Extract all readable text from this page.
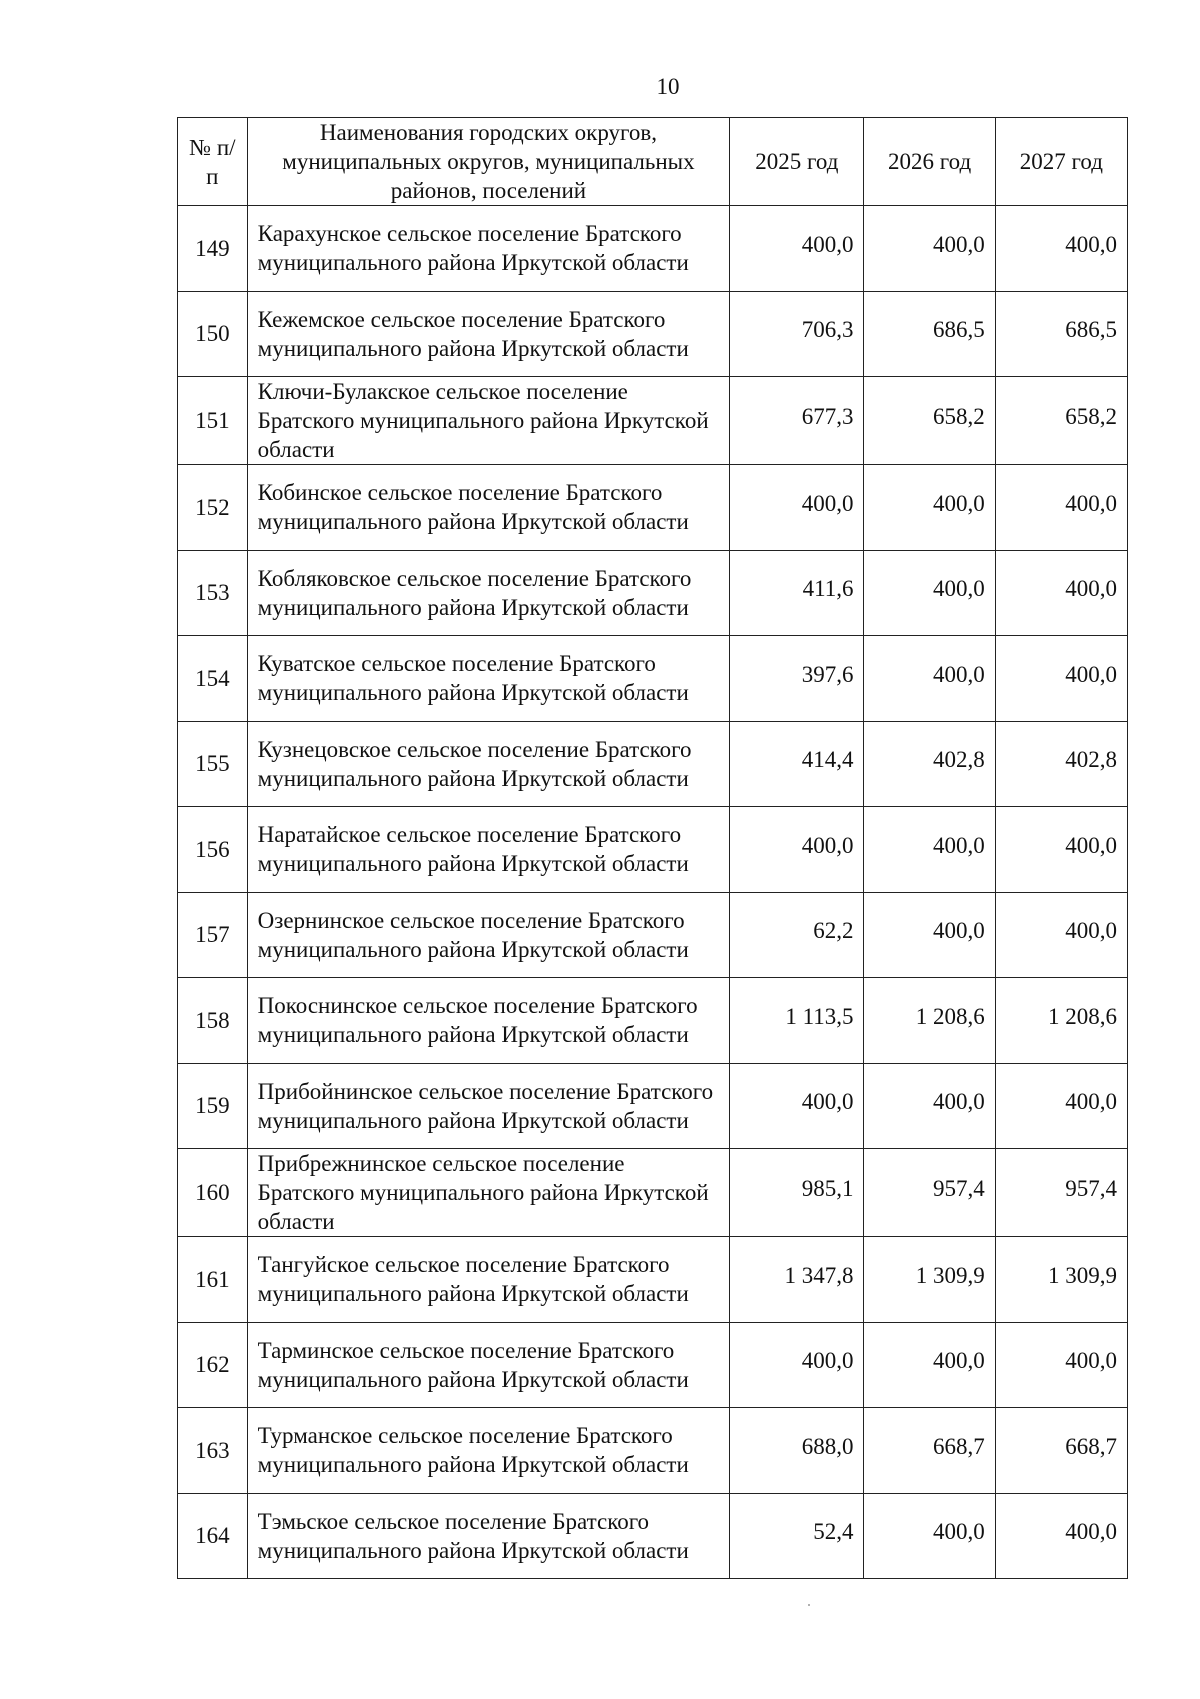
10
№ п/п	Наименования городских округов, муниципальных округов, муниципальных районов, поселений	2025 год	2026 год	2027 год
149	Карахунское сельское поселение Братского муниципального района Иркутской области	400,0	400,0	400,0
150	Кежемское сельское поселение Братского муниципального района Иркутской области	706,3	686,5	686,5
151	Ключи-Булакское сельское поселение Братского муниципального района Иркутской области	677,3	658,2	658,2
152	Кобинское сельское поселение Братского муниципального района Иркутской области	400,0	400,0	400,0
153	Кобляковское сельское поселение Братского муниципального района Иркутской области	411,6	400,0	400,0
154	Куватское сельское поселение Братского муниципального района Иркутской области	397,6	400,0	400,0
155	Кузнецовское сельское поселение Братского муниципального района Иркутской области	414,4	402,8	402,8
156	Наратайское сельское поселение Братского муниципального района Иркутской области	400,0	400,0	400,0
157	Озернинское сельское поселение Братского муниципального района Иркутской области	62,2	400,0	400,0
158	Покоснинское сельское поселение Братского муниципального района Иркутской области	1 113,5	1 208,6	1 208,6
159	Прибойнинское сельское поселение Братского муниципального района Иркутской области	400,0	400,0	400,0
160	Прибрежнинское сельское поселение Братского муниципального района Иркутской области	985,1	957,4	957,4
161	Тангуйское сельское поселение Братского муниципального района Иркутской области	1 347,8	1 309,9	1 309,9
162	Тарминское сельское поселение Братского муниципального района Иркутской области	400,0	400,0	400,0
163	Турманское сельское поселение Братского муниципального района Иркутской области	688,0	668,7	668,7
164	Тэмьское сельское поселение Братского муниципального района Иркутской области	52,4	400,0	400,0
